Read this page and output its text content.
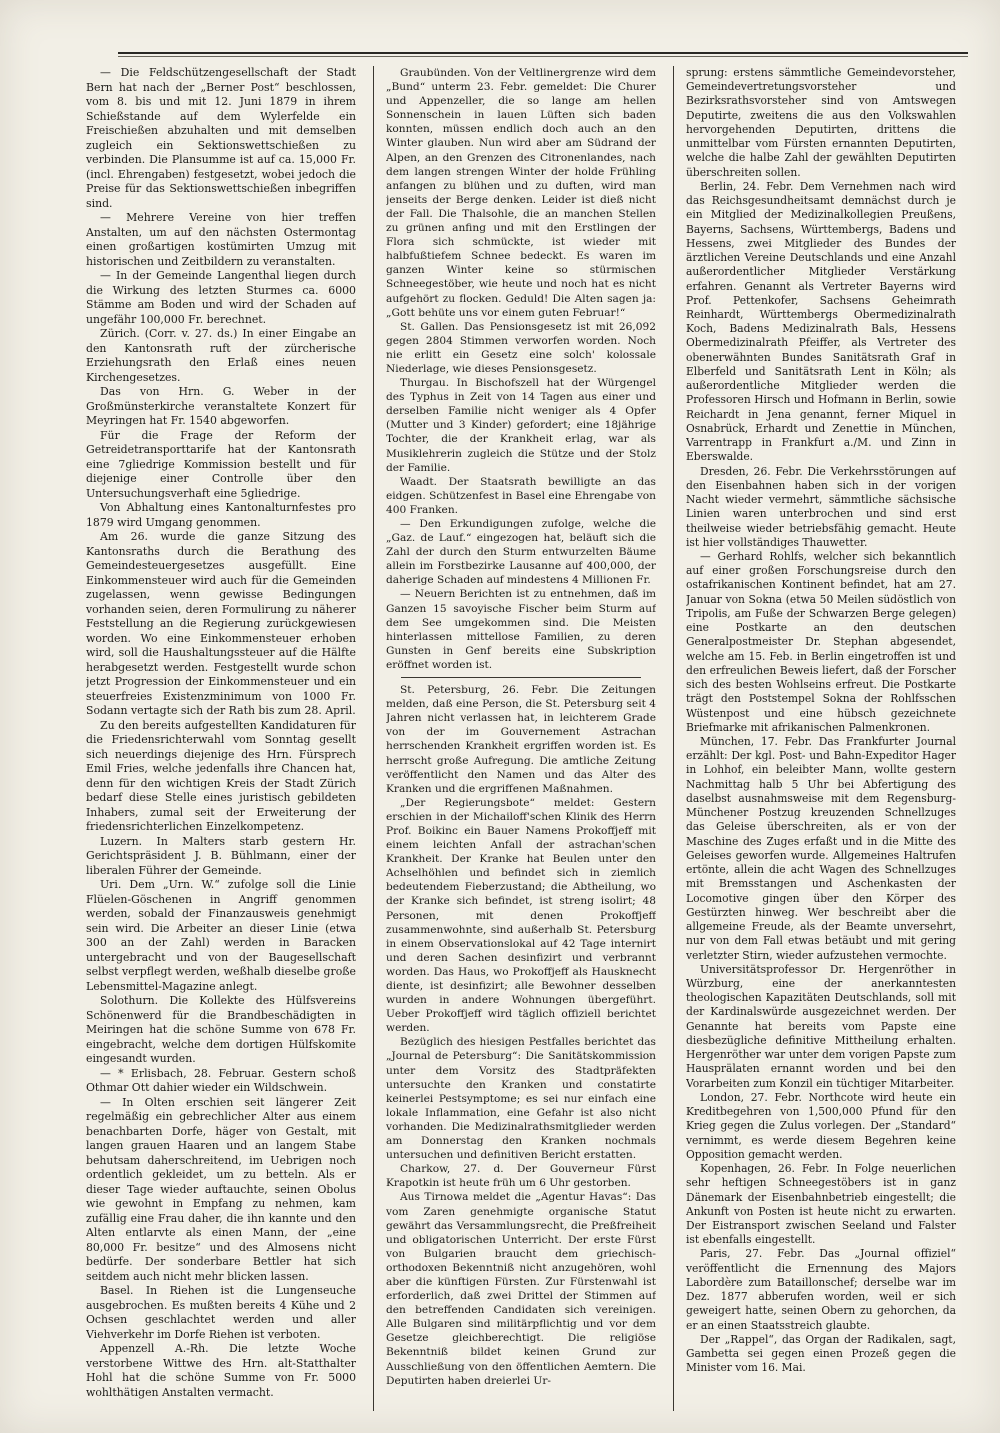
— Die Feldschützengesellschaft der Stadt Bern hat nach der „Berner Post“ beschlossen, vom 8. bis und mit 12. Juni 1879 in ihrem Schießstande auf dem Wylerfelde ein Freischießen abzuhalten und mit demselben zugleich ein Sektionswettschießen zu verbinden. Die Plansumme ist auf ca. 15,000 Fr. (incl. Ehrengaben) festgesetzt, wobei jedoch die Preise für das Sektionswettschießen inbegriffen sind.

— Mehrere Vereine von hier treffen Anstalten, um auf den nächsten Ostermontag einen großartigen kostümirten Umzug mit historischen und Zeitbildern zu veranstalten.

— In der Gemeinde Langenthal liegen durch die Wirkung des letzten Sturmes ca. 6000 Stämme am Boden und wird der Schaden auf ungefähr 100,000 Fr. berechnet.

Zürich. (Corr. v. 27. ds.) In einer Eingabe an den Kantonsrath ruft der zürcherische Erziehungsrath den Erlaß eines neuen Kirchengesetzes.

Das von Hrn. G. Weber in der Großmünsterkirche veranstaltete Konzert für Meyringen hat Fr. 1540 abgeworfen.

Für die Frage der Reform der Getreidetransporttarife hat der Kantonsrath eine 7gliedrige Kommission bestellt und für diejenige einer Controlle über den Untersuchungsverhaft eine 5gliedrige.

Von Abhaltung eines Kantonalturnfestes pro 1879 wird Umgang genommen.

Am 26. wurde die ganze Sitzung des Kantonsraths durch die Berathung des Gemeindesteuergesetzes ausgefüllt. Eine Einkommensteuer wird auch für die Gemeinden zugelassen, wenn gewisse Bedingungen vorhanden seien, deren Formulirung zu näherer Feststellung an die Regierung zurückgewiesen worden. Wo eine Einkommensteuer erhoben wird, soll die Haushaltungssteuer auf die Hälfte herabgesetzt werden. Festgestellt wurde schon jetzt Progression der Einkommensteuer und ein steuerfreies Existenzminimum von 1000 Fr. Sodann vertagte sich der Rath bis zum 28. April.

Zu den bereits aufgestellten Kandidaturen für die Friedensrichterwahl vom Sonntag gesellt sich neuerdings diejenige des Hrn. Fürsprech Emil Fries, welche jedenfalls ihre Chancen hat, denn für den wichtigen Kreis der Stadt Zürich bedarf diese Stelle eines juristisch gebildeten Inhabers, zumal seit der Erweiterung der friedensrichterlichen Einzelkompetenz.

Luzern. In Malters starb gestern Hr. Gerichtspräsident J. B. Bühlmann, einer der liberalen Führer der Gemeinde.

Uri. Dem „Urn. W.“ zufolge soll die Linie Flüelen-Göschenen in Angriff genommen werden, sobald der Finanzausweis genehmigt sein wird. Die Arbeiter an dieser Linie (etwa 300 an der Zahl) werden in Baracken untergebracht und von der Baugesellschaft selbst verpflegt werden, weßhalb dieselbe große Lebensmittel-Magazine anlegt.

Solothurn. Die Kollekte des Hülfsvereins Schönenwerd für die Brandbeschädigten in Meiringen hat die schöne Summe von 678 Fr. eingebracht, welche dem dortigen Hülfskomite eingesandt wurden.

— * Erlisbach, 28. Februar. Gestern schoß Othmar Ott dahier wieder ein Wildschwein.

— In Olten erschien seit längerer Zeit regelmäßig ein gebrechlicher Alter aus einem benachbarten Dorfe, häger von Gestalt, mit langen grauen Haaren und an langem Stabe behutsam daherschreitend, im Uebrigen noch ordentlich gekleidet, um zu betteln. Als er dieser Tage wieder auftauchte, seinen Obolus wie gewohnt in Empfang zu nehmen, kam zufällig eine Frau daher, die ihn kannte und den Alten entlarvte als einen Mann, der „eine 80,000 Fr. besitze“ und des Almosens nicht bedürfe. Der sonderbare Bettler hat sich seitdem auch nicht mehr blicken lassen.

Basel. In Riehen ist die Lungenseuche ausgebrochen. Es mußten bereits 4 Kühe und 2 Ochsen geschlachtet werden und aller Viehverkehr im Dorfe Riehen ist verboten.

Appenzell A.-Rh. Die letzte Woche verstorbene Wittwe des Hrn. alt-Statthalter Hohl hat die schöne Summe von Fr. 5000 wohlthätigen Anstalten vermacht.

Graubünden. Von der Veltlinergrenze wird dem „Bund“ unterm 23. Febr. gemeldet: Die Churer und Appenzeller, die so lange am hellen Sonnenschein in lauen Lüften sich baden konnten, müssen endlich doch auch an den Winter glauben. Nun wird aber am Südrand der Alpen, an den Grenzen des Citronenlandes, nach dem langen strengen Winter der holde Frühling anfangen zu blühen und zu duften, wird man jenseits der Berge denken. Leider ist dieß nicht der Fall. Die Thalsohle, die an manchen Stellen zu grünen anfing und mit den Erstlingen der Flora sich schmückte, ist wieder mit halbfußtiefem Schnee bedeckt. Es waren im ganzen Winter keine so stürmischen Schneegestöber, wie heute und noch hat es nicht aufgehört zu flocken. Geduld! Die Alten sagen ja: „Gott behüte uns vor einem guten Februar!“

St. Gallen. Das Pensionsgesetz ist mit 26,092 gegen 2804 Stimmen verworfen worden. Noch nie erlitt ein Gesetz eine solch' kolossale Niederlage, wie dieses Pensionsgesetz.

Thurgau. In Bischofszell hat der Würgengel des Typhus in Zeit von 14 Tagen aus einer und derselben Familie nicht weniger als 4 Opfer (Mutter und 3 Kinder) gefordert; eine 18jährige Tochter, die der Krankheit erlag, war als Musiklehrerin zugleich die Stütze und der Stolz der Familie.

Waadt. Der Staatsrath bewilligte an das eidgen. Schützenfest in Basel eine Ehrengabe von 400 Franken.

— Den Erkundigungen zufolge, welche die „Gaz. de Lauf.“ eingezogen hat, beläuft sich die Zahl der durch den Sturm entwurzelten Bäume allein im Forstbezirke Lausanne auf 400,000, der daherige Schaden auf mindestens 4 Millionen Fr.

— Neuern Berichten ist zu entnehmen, daß im Ganzen 15 savoyische Fischer beim Sturm auf dem See umgekommen sind. Die Meisten hinterlassen mittellose Familien, zu deren Gunsten in Genf bereits eine Subskription eröffnet worden ist.

St. Petersburg, 26. Febr. Die Zeitungen melden, daß eine Person, die St. Petersburg seit 4 Jahren nicht verlassen hat, in leichterem Grade von der im Gouvernement Astrachan herrschenden Krankheit ergriffen worden ist. Es herrscht große Aufregung. Die amtliche Zeitung veröffentlicht den Namen und das Alter des Kranken und die ergriffenen Maßnahmen.

„Der Regierungsbote“ meldet: Gestern erschien in der Michailoff'schen Klinik des Herrn Prof. Boikinc ein Bauer Namens Prokoffjeff mit einem leichten Anfall der astrachan'schen Krankheit. Der Kranke hat Beulen unter den Achselhöhlen und befindet sich in ziemlich bedeutendem Fieberzustand; die Abtheilung, wo der Kranke sich befindet, ist streng isolirt; 48 Personen, mit denen Prokoffjeff zusammenwohnte, sind außerhalb St. Petersburg in einem Observationslokal auf 42 Tage internirt und deren Sachen desinfizirt und verbrannt worden. Das Haus, wo Prokoffjeff als Hausknecht diente, ist desinfizirt; alle Bewohner desselben wurden in andere Wohnungen übergeführt. Ueber Prokoffjeff wird täglich offiziell berichtet werden.

Bezüglich des hiesigen Pestfalles berichtet das „Journal de Petersburg“: Die Sanitätskommission unter dem Vorsitz des Stadtpräfekten untersuchte den Kranken und constatirte keinerlei Pestsymptome; es sei nur einfach eine lokale Inflammation, eine Gefahr ist also nicht vorhanden. Die Medizinalrathsmitglieder werden am Donnerstag den Kranken nochmals untersuchen und definitiven Bericht erstatten.

Charkow, 27. d. Der Gouverneur Fürst Krapotkin ist heute früh um 6 Uhr gestorben.

Aus Tirnowa meldet die „Agentur Havas“: Das vom Zaren genehmigte organische Statut gewährt das Versammlungsrecht, die Preßfreiheit und obligatorischen Unterricht. Der erste Fürst von Bulgarien braucht dem griechisch-orthodoxen Bekenntniß nicht anzugehören, wohl aber die künftigen Fürsten. Zur Fürstenwahl ist erforderlich, daß zwei Drittel der Stimmen auf den betreffenden Candidaten sich vereinigen. Alle Bulgaren sind militärpflichtig und vor dem Gesetze gleichberechtigt. Die religiöse Bekenntniß bildet keinen Grund zur Ausschließung von den öffentlichen Aemtern. Die Deputirten haben dreierlei Ur-

sprung: erstens sämmtliche Gemeindevorsteher, Gemeindevertretungsvorsteher und Bezirksrathsvorsteher sind von Amtswegen Deputirte, zweitens die aus den Volkswahlen hervorgehenden Deputirten, drittens die unmittelbar vom Fürsten ernannten Deputirten, welche die halbe Zahl der gewählten Deputirten überschreiten sollen.

Berlin, 24. Febr. Dem Vernehmen nach wird das Reichsgesundheitsamt demnächst durch je ein Mitglied der Medizinalkollegien Preußens, Bayerns, Sachsens, Württembergs, Badens und Hessens, zwei Mitglieder des Bundes der ärztlichen Vereine Deutschlands und eine Anzahl außerordentlicher Mitglieder Verstärkung erfahren. Genannt als Vertreter Bayerns wird Prof. Pettenkofer, Sachsens Geheimrath Reinhardt, Württembergs Obermedizinalrath Koch, Badens Medizinalrath Bals, Hessens Obermedizinalrath Pfeiffer, als Vertreter des obenerwähnten Bundes Sanitätsrath Graf in Elberfeld und Sanitätsrath Lent in Köln; als außerordentliche Mitglieder werden die Professoren Hirsch und Hofmann in Berlin, sowie Reichardt in Jena genannt, ferner Miquel in Osnabrück, Erhardt und Zenettie in München, Varrentrapp in Frankfurt a./M. und Zinn in Eberswalde.

Dresden, 26. Febr. Die Verkehrsstörungen auf den Eisenbahnen haben sich in der vorigen Nacht wieder vermehrt, sämmtliche sächsische Linien waren unterbrochen und sind erst theilweise wieder betriebsfähig gemacht. Heute ist hier vollständiges Thauwetter.

— Gerhard Rohlfs, welcher sich bekanntlich auf einer großen Forschungsreise durch den ostafrikanischen Kontinent befindet, hat am 27. Januar von Sokna (etwa 50 Meilen südöstlich von Tripolis, am Fuße der Schwarzen Berge gelegen) eine Postkarte an den deutschen Generalpostmeister Dr. Stephan abgesendet, welche am 15. Feb. in Berlin eingetroffen ist und den erfreulichen Beweis liefert, daß der Forscher sich des besten Wohlseins erfreut. Die Postkarte trägt den Poststempel Sokna der Rohlfsschen Wüstenpost und eine hübsch gezeichnete Briefmarke mit afrikanischen Palmenkronen.

München, 17. Febr. Das Frankfurter Journal erzählt: Der kgl. Post- und Bahn-Expeditor Hager in Lohhof, ein beleibter Mann, wollte gestern Nachmittag halb 5 Uhr bei Abfertigung des daselbst ausnahmsweise mit dem Regensburg-Münchener Postzug kreuzenden Schnellzuges das Geleise überschreiten, als er von der Maschine des Zuges erfaßt und in die Mitte des Geleises geworfen wurde. Allgemeines Haltrufen ertönte, allein die acht Wagen des Schnellzuges mit Bremsstangen und Aschenkasten der Locomotive gingen über den Körper des Gestürzten hinweg. Wer beschreibt aber die allgemeine Freude, als der Beamte unversehrt, nur von dem Fall etwas betäubt und mit gering verletzter Stirn, wieder aufzustehen vermochte.

Universitätsprofessor Dr. Hergenröther in Würzburg, eine der anerkanntesten theologischen Kapazitäten Deutschlands, soll mit der Kardinalswürde ausgezeichnet werden. Der Genannte hat bereits vom Papste eine diesbezügliche definitive Mittheilung erhalten. Hergenröther war unter dem vorigen Papste zum Hausprälaten ernannt worden und bei den Vorarbeiten zum Konzil ein tüchtiger Mitarbeiter.

London, 27. Febr. Northcote wird heute ein Kreditbegehren von 1,500,000 Pfund für den Krieg gegen die Zulus vorlegen. Der „Standard“ vernimmt, es werde diesem Begehren keine Opposition gemacht werden.

Kopenhagen, 26. Febr. In Folge neuerlichen sehr heftigen Schneegestöbers ist in ganz Dänemark der Eisenbahnbetrieb eingestellt; die Ankunft von Posten ist heute nicht zu erwarten. Der Eistransport zwischen Seeland und Falster ist ebenfalls eingestellt.

Paris, 27. Febr. Das „Journal offiziel“ veröffentlicht die Ernennung des Majors Labordère zum Bataillonschef; derselbe war im Dez. 1877 abberufen worden, weil er sich geweigert hatte, seinen Obern zu gehorchen, da er an einen Staatsstreich glaubte.

Der „Rappel“, das Organ der Radikalen, sagt, Gambetta sei gegen einen Prozeß gegen die Minister vom 16. Mai.
